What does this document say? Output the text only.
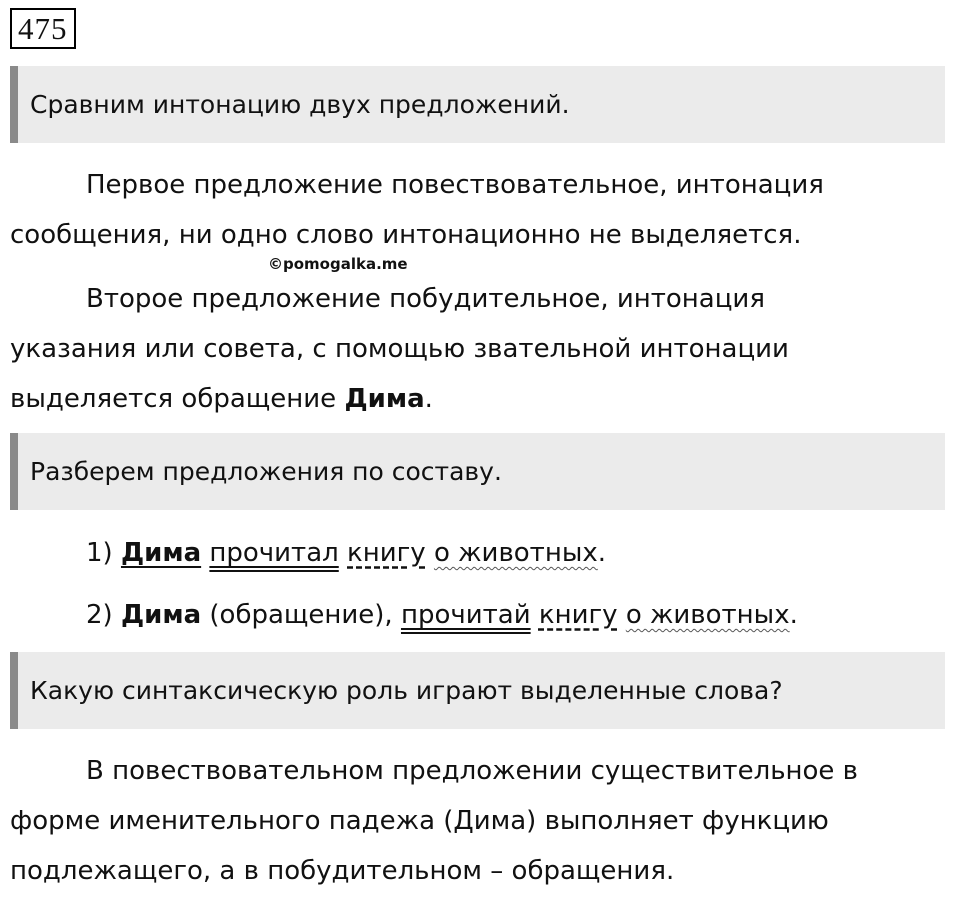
475
Сравним интонацию двух предложений.
Первое предложение повествовательное, интонация
сообщения, ни одно слово интонационно не выделяется.
©pomogalka.me
Второе предложение побудительное, интонация
указания или совета, с помощью звательной интонации
выделяется обращение Дима.
Разберем предложения по составу.
1) Дима прочитал книгу о животных.
2) Дима (обращение), прочитай книгу о животных.
Какую синтаксическую роль играют выделенные слова?
В повествовательном предложении существительное в
форме именительного падежа (Дима) выполняет функцию
подлежащего, а в побудительном – обращения.
